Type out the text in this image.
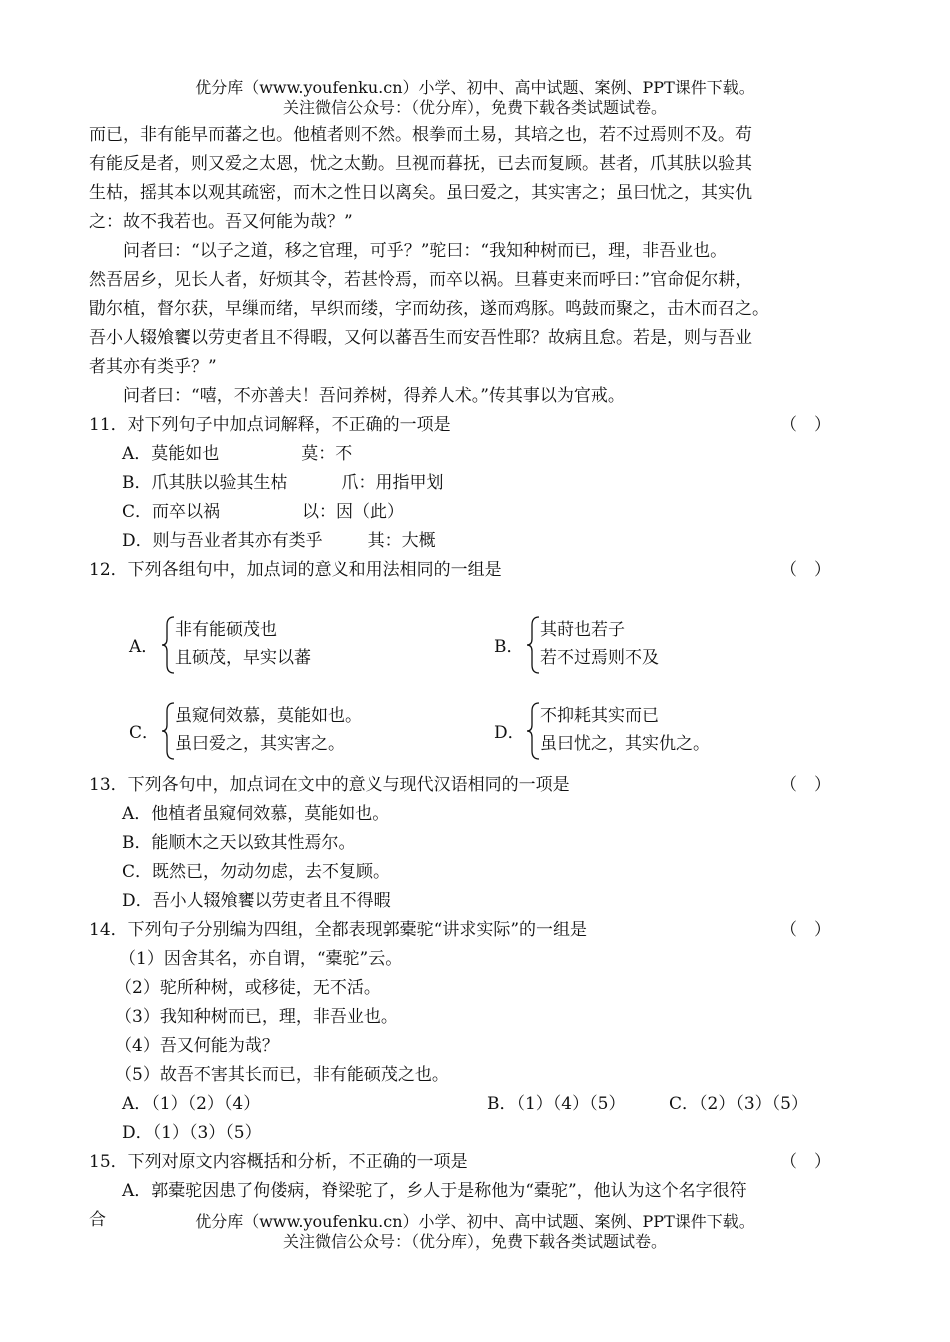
优分库（www.youfenku.cn）小学、初中、高中试题、案例、PPT课件下载。
关注微信公众号：（优分库），免费下载各类试题试卷。
而已，非有能早而蕃之也。他植者则不然。根拳而土易，其培之也，若不过焉则不及。苟
有能反是者，则又爱之太恩，忧之太勤。旦视而暮抚，已去而复顾。甚者，爪其肤以验其
生枯，摇其本以观其疏密，而木之性日以离矣。虽曰爱之，其实害之；虽曰忧之，其实仇
之：故不我若也。吾又何能为哉？”
问者曰：“以子之道，移之官理，可乎？”驼曰：“我知种树而已，理，非吾业也。
然吾居乡，见长人者，好烦其令，若甚怜焉，而卒以祸。旦暮吏来而呼曰：”官命促尔耕，
勖尔植，督尔获，早缫而绪，早织而缕，字而幼孩，遂而鸡豚。鸣鼓而聚之，击木而召之。
吾小人辍飧饔以劳吏者且不得暇，又何以蕃吾生而安吾性耶？故病且怠。若是，则与吾业
者其亦有类乎？”
问者曰：“嘻，不亦善夫！吾问养树，得养人术。”传其事以为官戒。
11．对下列句子中加点词解释，不正确的一项是	（　）
A．莫能如也	莫：不
B．爪其肤以验其生枯	爪：用指甲划
C．而卒以祸	以：因（此）
D．则与吾业者其亦有类乎	其：大概
12．下列各组句中，加点词的意义和用法相同的一组是	（　）
A．
非有能硕茂也
且硕茂，早实以蕃
B．
其莳也若子
若不过焉则不及
C．
虽窥伺效慕，莫能如也。
虽曰爱之，其实害之。
D．
不抑耗其实而已
虽曰忧之，其实仇之。
13．下列各句中，加点词在文中的意义与现代汉语相同的一项是	（　）
A．他植者虽窥伺效慕，莫能如也。
B．能顺木之天以致其性焉尔。
C．既然已，勿动勿虑，去不复顾。
D．吾小人辍飧饔以劳吏者且不得暇
14．下列句子分别编为四组，全都表现郭橐驼“讲求实际”的一组是	（　）
（1）因舍其名，亦自谓，“橐驼”云。
（2）驼所种树，或移徒，无不活。
（3）我知种树而已，理，非吾业也。
（4）吾又何能为哉？
（5）故吾不害其长而已，非有能硕茂之也。
A．（1）（2）（4）	B．（1）（4）（5）	C．（2）（3）（5）
D．（1）（3）（5）
15．下列对原文内容概括和分析，不正确的一项是	（　）
A．郭橐驼因患了佝偻病，脊梁驼了，乡人于是称他为“橐驼”，他认为这个名字很符
合	优分库（www.youfenku.cn）小学、初中、高中试题、案例、PPT课件下载。
关注微信公众号：（优分库），免费下载各类试题试卷。
